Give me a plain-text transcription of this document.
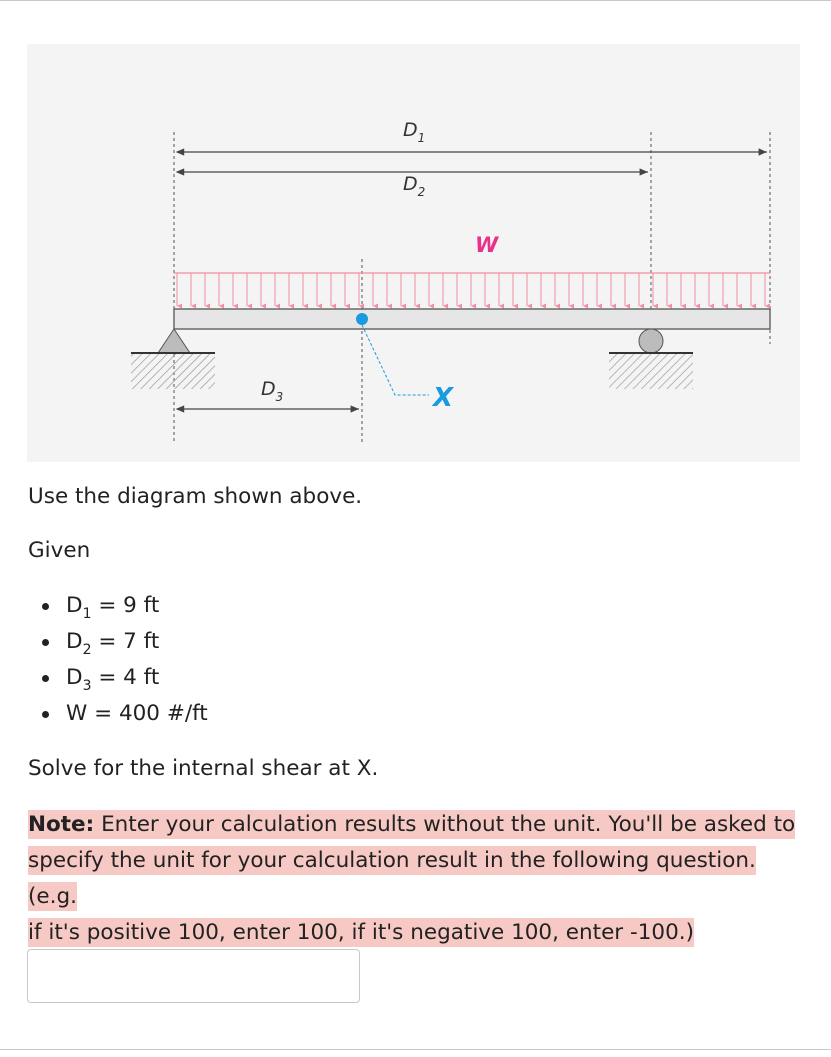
$D_1$
$D_2$
W
X
$D_3$
Use the diagram shown above.
Given
$D_1 = 9$ ft
$D_2 = 7$ ft
$D_3 = 4$ ft
W = 400 #/ft
Solve for the internal shear at X.
Note: Enter your calculation results without the unit. You'll be asked to
specify the unit for your calculation result in the following question. (e.g.
if it's positive 100, enter 100, if it's negative 100, enter -100.)
